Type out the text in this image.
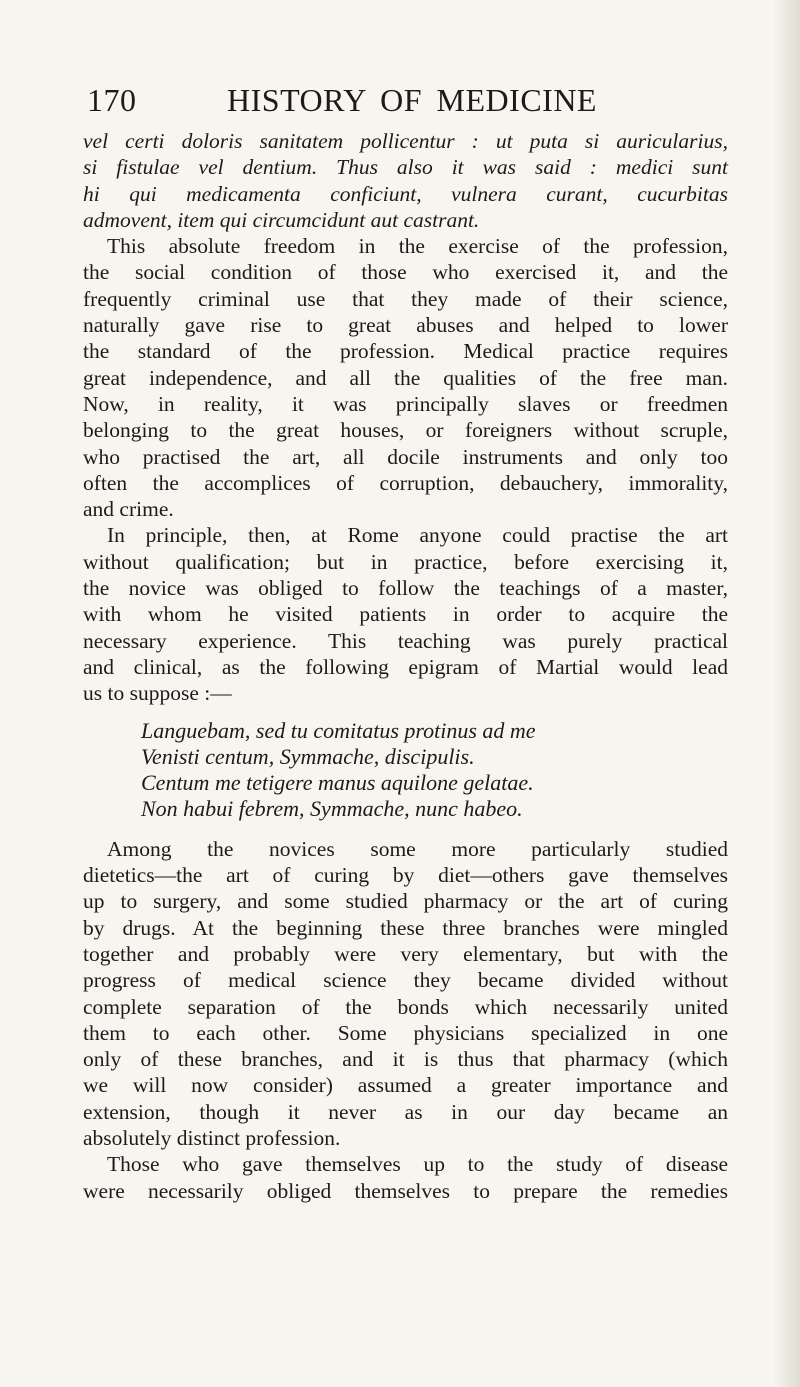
170	HISTORY OF MEDICINE
vel certi doloris sanitatem pollicentur : ut puta si auricularius,
si fistulae vel dentium. Thus also it was said : medici sunt
hi qui medicamenta conficiunt, vulnera curant, cucurbitas
admovent, item qui circumcidunt aut castrant.
This absolute freedom in the exercise of the profession,
the social condition of those who exercised it, and the
frequently criminal use that they made of their science,
naturally gave rise to great abuses and helped to lower
the standard of the profession. Medical practice requires
great independence, and all the qualities of the free man.
Now, in reality, it was principally slaves or freedmen
belonging to the great houses, or foreigners without scruple,
who practised the art, all docile instruments and only too
often the accomplices of corruption, debauchery, immorality,
and crime.
In principle, then, at Rome anyone could practise the art
without qualification; but in practice, before exercising it,
the novice was obliged to follow the teachings of a master,
with whom he visited patients in order to acquire the
necessary experience. This teaching was purely practical
and clinical, as the following epigram of Martial would lead
us to suppose :—
Languebam, sed tu comitatus protinus ad me
Venisti centum, Symmache, discipulis.
Centum me tetigere manus aquilone gelatae.
Non habui febrem, Symmache, nunc habeo.
Among the novices some more particularly studied
dietetics—the art of curing by diet—others gave themselves
up to surgery, and some studied pharmacy or the art of curing
by drugs. At the beginning these three branches were mingled
together and probably were very elementary, but with the
progress of medical science they became divided without
complete separation of the bonds which necessarily united
them to each other. Some physicians specialized in one
only of these branches, and it is thus that pharmacy (which
we will now consider) assumed a greater importance and
extension, though it never as in our day became an
absolutely distinct profession.
Those who gave themselves up to the study of disease
were necessarily obliged themselves to prepare the remedies
